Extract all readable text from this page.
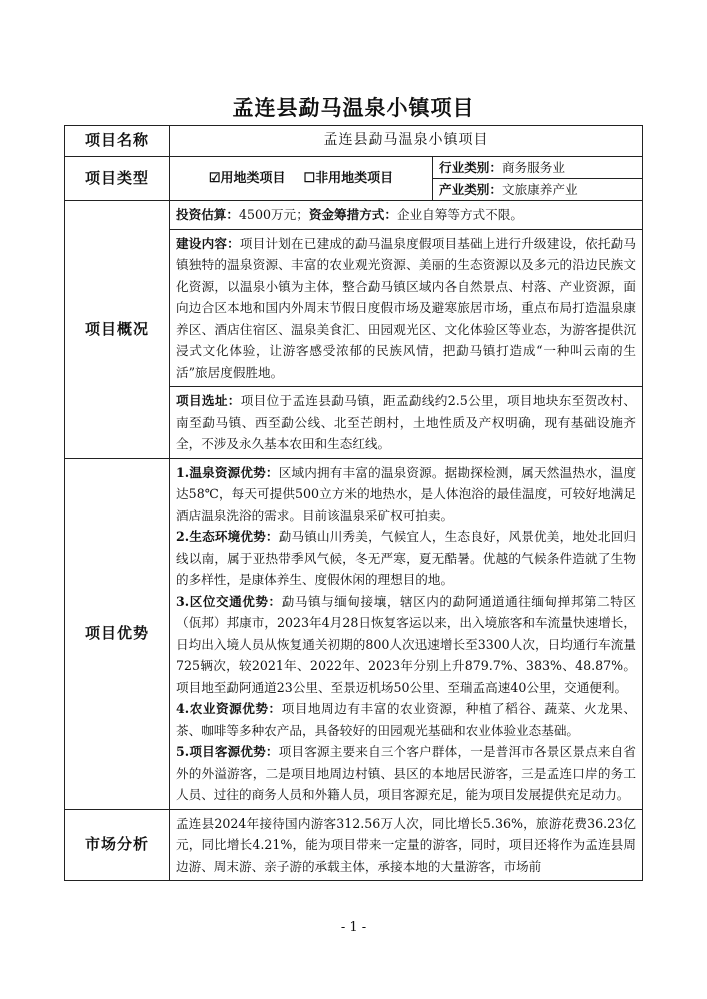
孟连县勐马温泉小镇项目
项目名称	孟连县勐马温泉小镇项目	
项目类型	☑用地类项目 ☐非用地类项目	行业类别：商务服务业
产业类别：文旅康养产业

项目概况	投资估算：4500万元；资金筹措方式：企业自筹等方式不限。
建设内容：项目计划在已建成的勐马温泉度假项目基础上进行升级建设，依托勐马镇独特的温泉资源、丰富的农业观光资源、美丽的生态资源以及多元的沿边民族文化资源，以温泉小镇为主体，整合勐马镇区域内各自然景点、村落、产业资源，面向边合区本地和国内外周末节假日度假市场及避寒旅居市场，重点布局打造温泉康养区、酒店住宿区、温泉美食汇、田园观光区、文化体验区等业态，为游客提供沉浸式文化体验，让游客感受浓郁的民族风情，把勐马镇打造成“一种叫云南的生活”旅居度假胜地。
项目选址：项目位于孟连县勐马镇，距孟勐线约2.5公里，项目地块东至贺改村、南至勐马镇、西至勐公线、北至芒朗村，土地性质及产权明确，现有基础设施齐全，不涉及永久基本农田和生态红线。	

项目优势	1.温泉资源优势：区域内拥有丰富的温泉资源。据勘探检测，属天然温热水，温度达58℃，每天可提供500立方米的地热水，是人体泡浴的最佳温度，可较好地满足酒店温泉洗浴的需求。目前该温泉采矿权可拍卖。
2.生态环境优势：勐马镇山川秀美，气候宜人，生态良好，风景优美，地处北回归线以南，属于亚热带季风气候，冬无严寒，夏无酷暑。优越的气候条件造就了生物的多样性，是康体养生、度假休闲的理想目的地。
3.区位交通优势：勐马镇与缅甸接壤，辖区内的勐阿通道通往缅甸掸邦第二特区（佤邦）邦康市，2023年4月28日恢复客运以来，出入境旅客和车流量快速增长，日均出入境人员从恢复通关初期的800人次迅速增长至3300人次，日均通行车流量725辆次，较2021年、2022年、2023年分别上升879.7%、383%、48.87%。项目地至勐阿通道23公里、至景迈机场50公里、至瑞孟高速40公里，交通便利。
4.农业资源优势：项目地周边有丰富的农业资源，种植了稻谷、蔬菜、火龙果、茶、咖啡等多种农产品，具备较好的田园观光基础和农业体验业态基础。
5.项目客源优势：项目客源主要来自三个客户群体，一是普洱市各景区景点来自省外的外溢游客，二是项目地周边村镇、县区的本地居民游客，三是孟连口岸的务工人员、过往的商务人员和外籍人员，项目客源充足，能为项目发展提供充足动力。	

市场分析	孟连县2024年接待国内游客312.56万人次，同比增长5.36%，旅游花费36.23亿元，同比增长4.21%，能为项目带来一定量的游客，同时，项目还将作为孟连县周边游、周末游、亲子游的承载主体，承接本地的大量游客，市场前	
- 1 -
